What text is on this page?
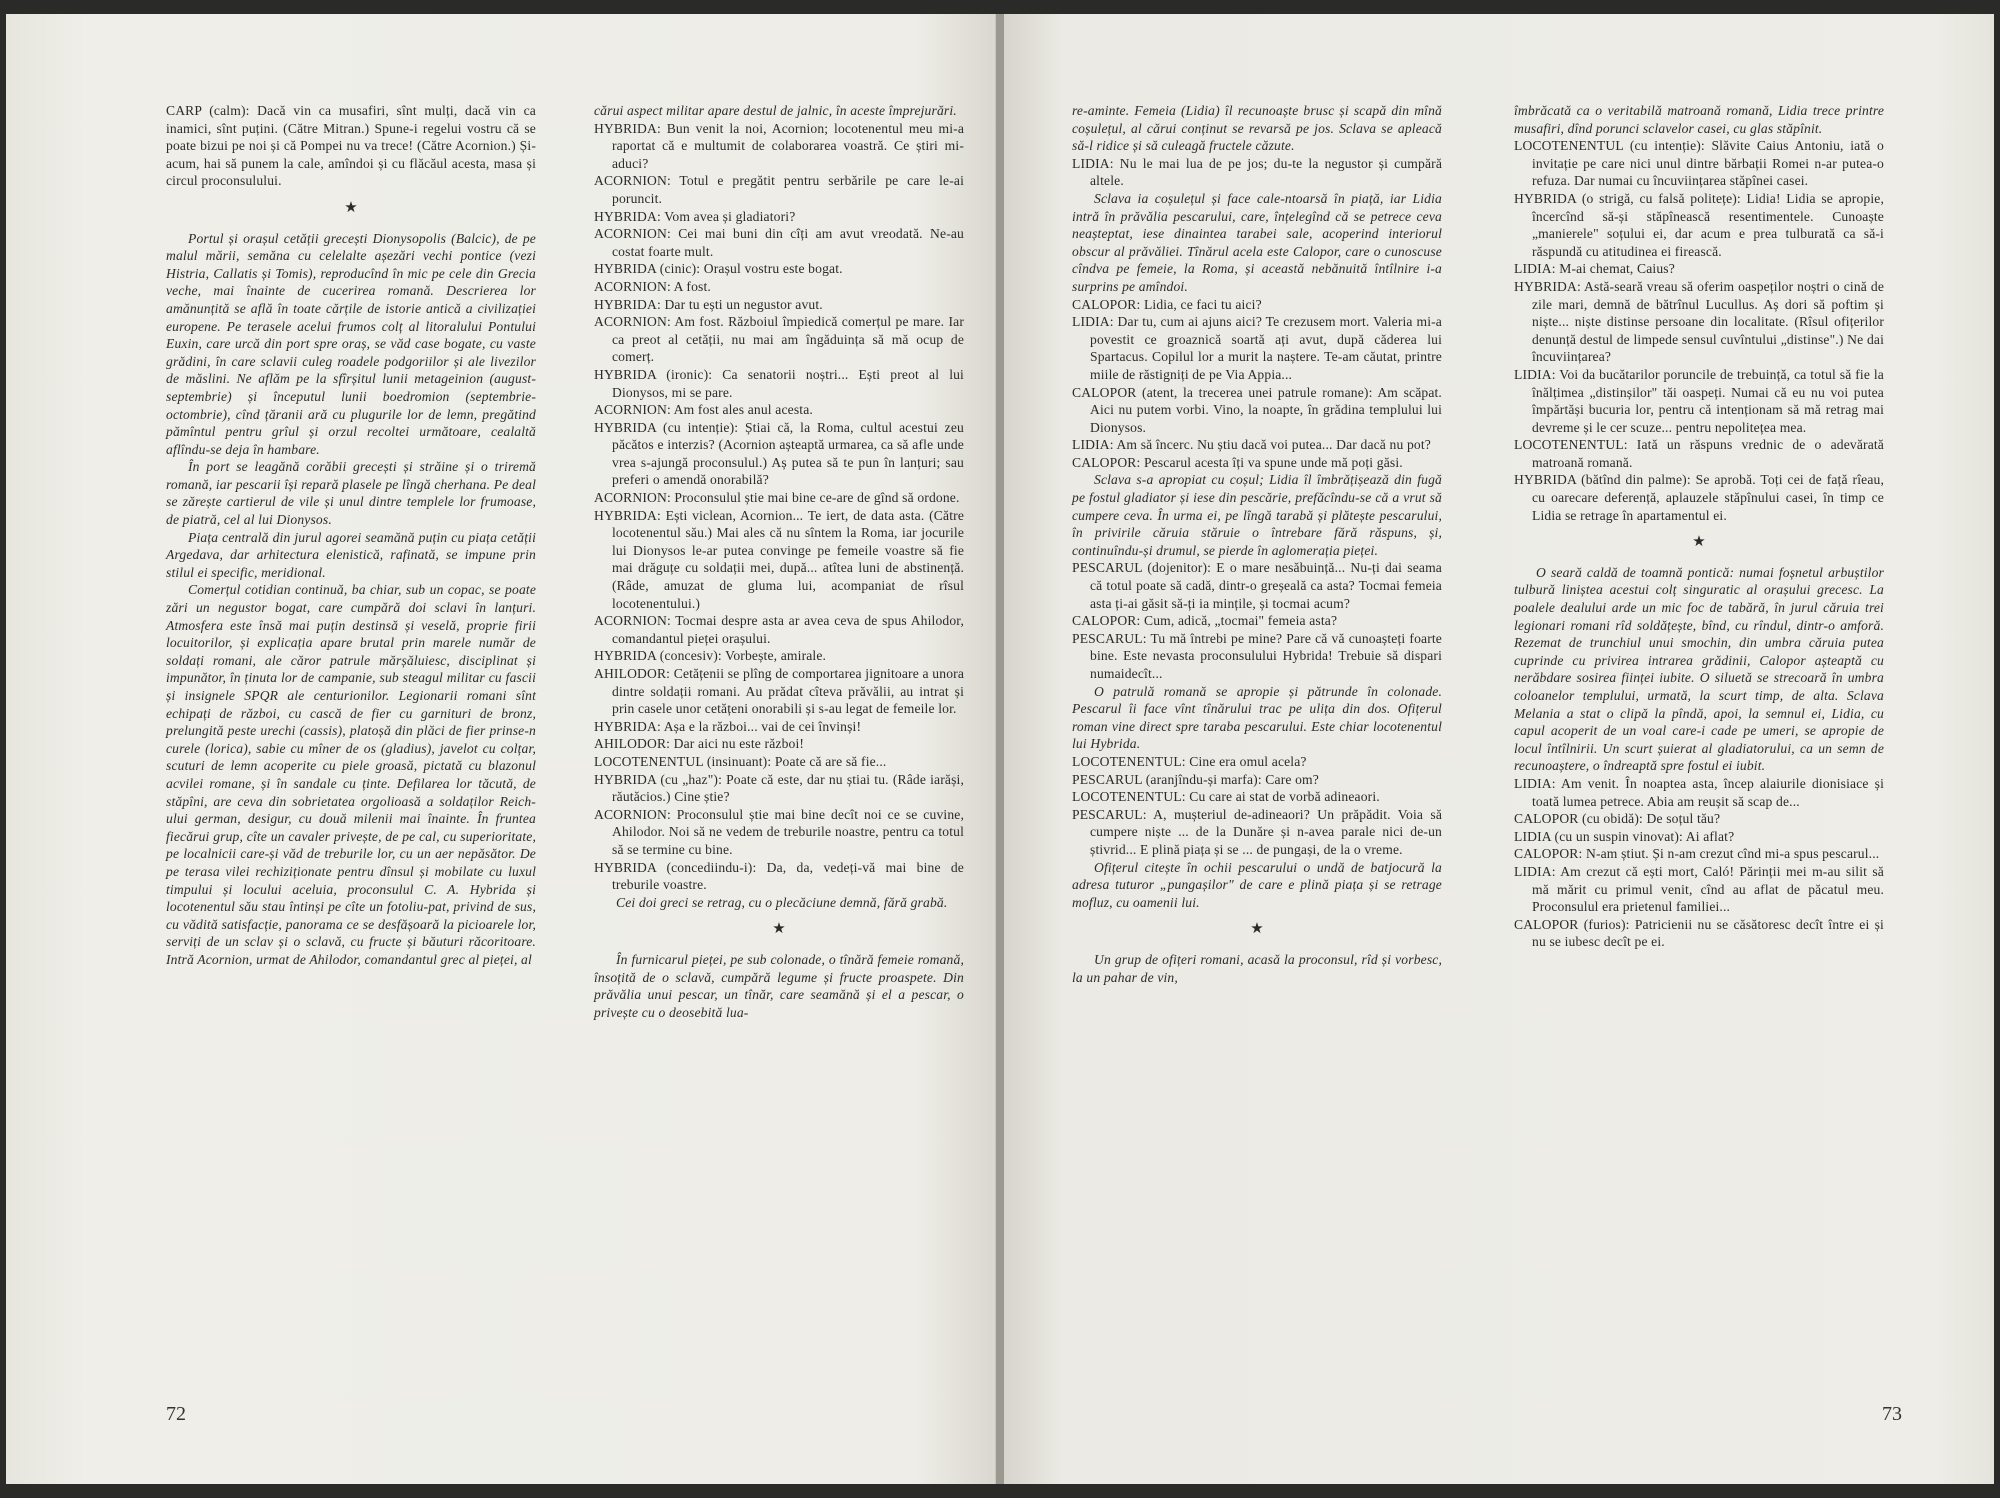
CARP (calm): Dacă vin ca musafiri, sînt mulți, dacă vin ca inamici, sînt puțini. (Către Mitran.) Spune-i regelui vostru că se poate bizui pe noi și că Pompei nu va trece! (Către Acornion.) Și-acum, hai să punem la cale, amîndoi și cu flăcăul acesta, masa și circul proconsulului.

★

Portul și orașul cetății grecești Dionysopolis (Balcic), de pe malul mării, semăna cu celelalte așezări vechi pontice (vezi Histria, Callatis și Tomis), reproducînd în mic pe cele din Grecia veche, mai înainte de cucerirea romană. Descrierea lor amănunțită se află în toate cărțile de istorie antică a civilizației europene. Pe terasele acelui frumos colț al litoralului Pontului Euxin, care urcă din port spre oraș, se văd case bogate, cu vaste grădini, în care sclavii culeg roadele podgoriilor și ale livezilor de măslini. Ne aflăm pe la sfîrșitul lunii metageinion (august-septembrie) și începutul lunii boedromion (septembrie-octombrie), cînd țăranii ară cu plugurile lor de lemn, pregătind pămîntul pentru grîul și orzul recoltei următoare, cealaltă aflîndu-se deja în hambare.

În port se leagănă corăbii grecești și străine și o triremă romană, iar pescarii își repară plasele pe lîngă cherhana. Pe deal se zărește cartierul de vile și unul dintre templele lor frumoase, de piatră, cel al lui Dionysos.

Piața centrală din jurul agorei seamănă puțin cu piața cetății Argedava, dar arhitectura elenistică, rafinată, se impune prin stilul ei specific, meridional.

Comerțul cotidian continuă, ba chiar, sub un copac, se poate zări un negustor bogat, care cumpără doi sclavi în lanțuri. Atmosfera este însă mai puțin destinsă și veselă, proprie firii locuitorilor, și explicația apare brutal prin marele număr de soldați romani, ale căror patrule mărșăluiesc, disciplinat și impunător, în ținuta lor de campanie, sub steagul militar cu fascii și insignele SPQR ale centurionilor. Legionarii romani sînt echipați de război, cu cască de fier cu garnituri de bronz, prelungită peste urechi (cassis), platoșă din plăci de fier prinse-n curele (lorica), sabie cu mîner de os (gladius), javelot cu colțar, scuturi de lemn acoperite cu piele groasă, pictată cu blazonul acvilei romane, și în sandale cu ținte. Defilarea lor tăcută, de stăpîni, are ceva din sobrietatea orgolioasă a soldaților Reich-ului german, desigur, cu două milenii mai înainte. În fruntea fiecărui grup, cîte un cavaler privește, de pe cal, cu superioritate, pe localnicii care-și văd de treburile lor, cu un aer nepăsător. De pe terasa vilei rechiziționate pentru dînsul și mobilate cu luxul timpului și locului aceluia, proconsulul C. A. Hybrida și locotenentul său stau întinși pe cîte un fotoliu-pat, privind de sus, cu vădită satisfacție, panorama ce se desfășoară la picioarele lor, serviți de un sclav și o sclavă, cu fructe și băuturi răcoritoare. Intră Acornion, urmat de Ahilodor, comandantul grec al pieței, al

cărui aspect militar apare destul de jalnic, în aceste împrejurări.

HYBRIDA: Bun venit la noi, Acornion; locotenentul meu mi-a raportat că e multumit de colaborarea voastră. Ce știri mi-aduci?

ACORNION: Totul e pregătit pentru serbările pe care le-ai poruncit.

HYBRIDA: Vom avea și gladiatori?

ACORNION: Cei mai buni din cîți am avut vreodată. Ne-au costat foarte mult.

HYBRIDA (cinic): Orașul vostru este bogat.

ACORNION: A fost.

HYBRIDA: Dar tu ești un negustor avut.

ACORNION: Am fost. Războiul împiedică comerțul pe mare. Iar ca preot al cetății, nu mai am îngăduința să mă ocup de comerț.

HYBRIDA (ironic): Ca senatorii noștri... Ești preot al lui Dionysos, mi se pare.

ACORNION: Am fost ales anul acesta.

HYBRIDA (cu intenție): Știai că, la Roma, cultul acestui zeu păcătos e interzis? (Acornion așteaptă urmarea, ca să afle unde vrea s-ajungă proconsulul.) Aș putea să te pun în lanțuri; sau preferi o amendă onorabilă?

ACORNION: Proconsulul știe mai bine ce-are de gînd să ordone.

HYBRIDA: Ești viclean, Acornion... Te iert, de data asta. (Către locotenentul său.) Mai ales că nu sîntem la Roma, iar jocurile lui Dionysos le-ar putea convinge pe femeile voastre să fie mai drăguțe cu soldații mei, după... atîtea luni de abstinență. (Râde, amuzat de gluma lui, acompaniat de rîsul locotenentului.)

ACORNION: Tocmai despre asta ar avea ceva de spus Ahilodor, comandantul pieței orașului.

HYBRIDA (concesiv): Vorbește, amirale.

AHILODOR: Cetățenii se plîng de comportarea jignitoare a unora dintre soldații romani. Au prădat cîteva prăvălii, au intrat și prin casele unor cetățeni onorabili și s-au legat de femeile lor.

HYBRIDA: Așa e la război... vai de cei învinși!

AHILODOR: Dar aici nu este război!

LOCOTENENTUL (insinuant): Poate că are să fie...

HYBRIDA (cu „haz"): Poate că este, dar nu știai tu. (Râde iarăși, răutăcios.) Cine știe?

ACORNION: Proconsulul știe mai bine decît noi ce se cuvine, Ahilodor. Noi să ne vedem de treburile noastre, pentru ca totul să se termine cu bine.

HYBRIDA (concediindu-i): Da, da, vedeți-vă mai bine de treburile voastre.

Cei doi greci se retrag, cu o plecăciune demnă, fără grabă.

★

În furnicarul pieței, pe sub colonade, o tînără femeie romană, însoțită de o sclavă, cumpără legume și fructe proaspete. Din prăvălia unui pescar, un tînăr, care seamănă și el a pescar, o privește cu o deosebită lua-

72

re-aminte. Femeia (Lidia) îl recunoaște brusc și scapă din mînă coșulețul, al cărui conținut se revarsă pe jos. Sclava se apleacă să-l ridice și să culeagă fructele căzute.

LIDIA: Nu le mai lua de pe jos; du-te la negustor și cumpără altele.

Sclava ia coșulețul și face cale-ntoarsă în piață, iar Lidia intră în prăvălia pescarului, care, înțelegînd că se petrece ceva neașteptat, iese dinaintea tarabei sale, acoperind interiorul obscur al prăvăliei. Tînărul acela este Calopor, care o cunoscuse cîndva pe femeie, la Roma, și această nebănuită întîlnire i-a surprins pe amîndoi.

CALOPOR: Lidia, ce faci tu aici?

LIDIA: Dar tu, cum ai ajuns aici? Te crezusem mort. Valeria mi-a povestit ce groaznică soartă ați avut, după căderea lui Spartacus. Copilul lor a murit la naștere. Te-am căutat, printre miile de răstigniți de pe Via Appia...

CALOPOR (atent, la trecerea unei patrule romane): Am scăpat. Aici nu putem vorbi. Vino, la noapte, în grădina templului lui Dionysos.

LIDIA: Am să încerc. Nu știu dacă voi putea... Dar dacă nu pot?

CALOPOR: Pescarul acesta îți va spune unde mă poți găsi.

Sclava s-a apropiat cu coșul; Lidia îl îmbrățișează din fugă pe fostul gladiator și iese din pescărie, prefăcîndu-se că a vrut să cumpere ceva. În urma ei, pe lîngă tarabă și plătește pescarului, în privirile căruia stăruie o întrebare fără răspuns, și, continuîndu-și drumul, se pierde în aglomerația pieței.

PESCARUL (dojenitor): E o mare nesăbuință... Nu-ți dai seama că totul poate să cadă, dintr-o greșeală ca asta? Tocmai femeia asta ți-ai găsit să-ți ia mințile, și tocmai acum?

CALOPOR: Cum, adică, „tocmai" femeia asta?

PESCARUL: Tu mă întrebi pe mine? Pare că vă cunoașteți foarte bine. Este nevasta proconsulului Hybrida! Trebuie să dispari numaidecît...

O patrulă romană se apropie și pătrunde în colonade. Pescarul îi face vînt tînărului trac pe ulița din dos. Ofițerul roman vine direct spre taraba pescarului. Este chiar locotenentul lui Hybrida.

LOCOTENENTUL: Cine era omul acela?

PESCARUL (aranjîndu-și marfa): Care om?

LOCOTENENTUL: Cu care ai stat de vorbă adineaori.

PESCARUL: A, mușteriul de-adineaori? Un prăpădit. Voia să cumpere niște ... de la Dunăre și n-avea parale nici de-un știvrid... E plină piața și se ... de pungași, de la o vreme.

Ofițerul citește în ochii pescarului o undă de batjocură la adresa tuturor „pungașilor" de care e plină piața și se retrage mofluz, cu oamenii lui.

★

Un grup de ofițeri romani, acasă la proconsul, rîd și vorbesc, la un pahar de vin,

îmbrăcată ca o veritabilă matroană romană, Lidia trece printre musafiri, dînd porunci sclavelor casei, cu glas stăpînit.

LOCOTENENTUL (cu intenție): Slăvite Caius Antoniu, iată o invitație pe care nici unul dintre bărbații Romei n-ar putea-o refuza. Dar numai cu încuviințarea stăpînei casei.

HYBRIDA (o strigă, cu falsă politețe): Lidia! Lidia se apropie, încercînd să-și stăpînească resentimentele. Cunoaște „manierele" soțului ei, dar acum e prea tulburată ca să-i răspundă cu atitudinea ei firească.

LIDIA: M-ai chemat, Caius?

HYBRIDA: Astă-seară vreau să oferim oaspeților noștri o cină de zile mari, demnă de bătrînul Lucullus. Aș dori să poftim și niște... niște distinse persoane din localitate. (Rîsul ofițerilor denunță destul de limpede sensul cuvîntului „distinse".) Ne dai încuviințarea?

LIDIA: Voi da bucătarilor poruncile de trebuință, ca totul să fie la înălțimea „distinșilor" tăi oaspeți. Numai că eu nu voi putea împărtăși bucuria lor, pentru că intenționam să mă retrag mai devreme și le cer scuze... pentru nepolitețea mea.

LOCOTENENTUL: Iată un răspuns vrednic de o adevărată matroană romană.

HYBRIDA (bătînd din palme): Se aprobă. Toți cei de față rîeau, cu oarecare deferență, aplauzele stăpînului casei, în timp ce Lidia se retrage în apartamentul ei.

★

O seară caldă de toamnă pontică: numai foșnetul arbuștilor tulbură liniștea acestui colț singuratic al orașului grecesc. La poalele dealului arde un mic foc de tabără, în jurul căruia trei legionari romani rîd soldățește, bînd, cu rîndul, dintr-o amforă. Rezemat de trunchiul unui smochin, din umbra căruia putea cuprinde cu privirea intrarea grădinii, Calopor așteaptă cu nerăbdare sosirea ființei iubite. O siluetă se strecoară în umbra coloanelor templului, urmată, la scurt timp, de alta. Sclava Melania a stat o clipă la pîndă, apoi, la semnul ei, Lidia, cu capul acoperit de un voal care-i cade pe umeri, se apropie de locul întîlnirii. Un scurt șuierat al gladiatorului, ca un semn de recunoaștere, o îndreaptă spre fostul ei iubit.

LIDIA: Am venit. În noaptea asta, încep alaiurile dionisiace și toată lumea petrece. Abia am reușit să scap de...

CALOPOR (cu obidă): De soțul tău?

LIDIA (cu un suspin vinovat): Ai aflat?

CALOPOR: N-am știut. Și n-am crezut cînd mi-a spus pescarul...

LIDIA: Am crezut că ești mort, Caló! Părinții mei m-au silit să mă mărit cu primul venit, cînd au aflat de păcatul meu. Proconsulul era prietenul familiei...

CALOPOR (furios): Patricienii nu se căsătoresc decît între ei și nu se iubesc decît pe ei.

73
